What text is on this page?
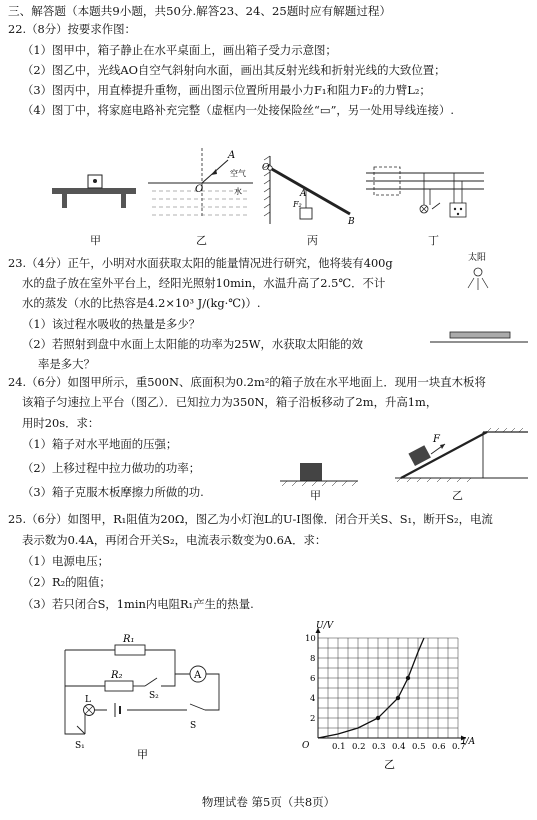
三、解答题（本题共9小题，共50分.解答23、24、25题时应有解题过程）
22.（8分）按要求作图：
（1）图甲中，箱子静止在水平桌面上，画出箱子受力示意图；
（2）图乙中，光线AO自空气斜射向水面，画出其反射光线和折射光线的大致位置；
（3）图丙中，用直棒提升重物，画出图示位置所用最小力F₁和阻力F₂的力臂L₂；
（4）图丁中，将家庭电路补充完整（虚框内一处接保险丝“▭”，另一处用导线连接）.
甲
A
O
空气
水
乙
O
A
F₂
B
丙	丁
23.（4分）正午，小明对水面获取太阳的能量情况进行研究，他将装有400g
水的盘子放在室外平台上，经阳光照射10min，水温升高了2.5℃．不计
水的蒸发（水的比热容是4.2×10³ J/(kg·℃)）.
（1）该过程水吸收的热量是多少？
（2）若照射到盘中水面上太阳能的功率为25W，水获取太阳能的效
率是多大？
太阳
24.（6分）如图甲所示，重500N、底面积为0.2m²的箱子放在水平地面上．现用一块直木板将
该箱子匀速拉上平台（图乙）．已知拉力为350N，箱子沿板移动了2m，升高1m，
用时20s．求：
（1）箱子对水平地面的压强；
（2）上移过程中拉力做功的功率；
（3）箱子克服木板摩擦力所做的功.	甲
F
乙
25.（6分）如图甲，R₁阻值为20Ω，图乙为小灯泡L的U-I图像．闭合开关S、S₁，断开S₂，电流
表示数为0.4A，再闭合开关S₂，电流表示数变为0.6A．求：
（1）电源电压；
（2）R₂的阻值；
（3）若只闭合S，1min内电阻R₁产生的热量.
A
R₁
R₂
S₂
L
S
S₁
甲
0.1 0.2 0.3 0.4 0.5 0.6 0.7
2
4
6
8
10
U/V
I/A
O
乙
物理试卷 第5页（共8页）
